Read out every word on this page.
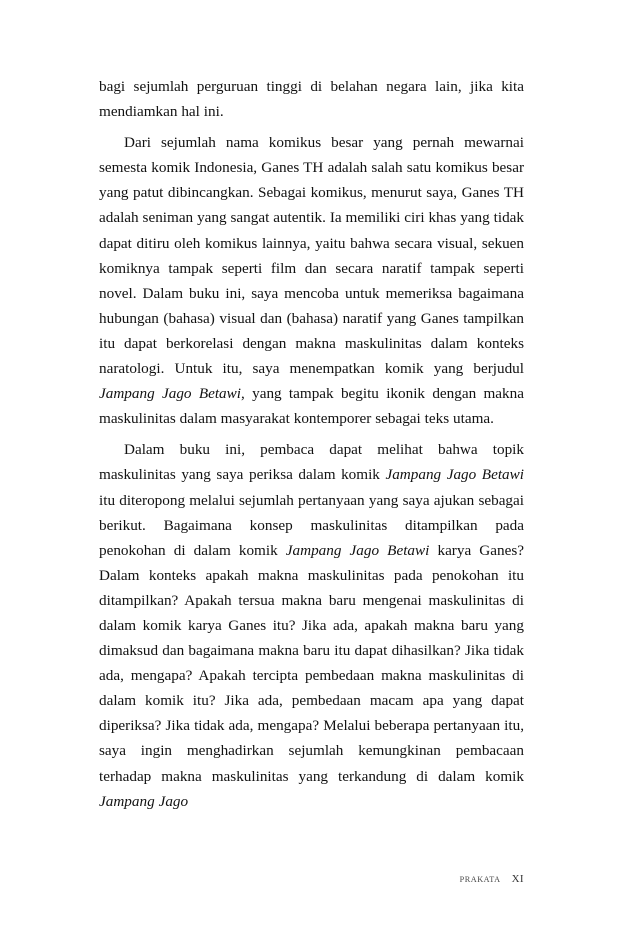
bagi sejumlah perguruan tinggi di belahan negara lain, jika kita mendiamkan hal ini.

Dari sejumlah nama komikus besar yang pernah mewarnai semesta komik Indonesia, Ganes TH adalah salah satu komikus besar yang patut dibincangkan. Sebagai komikus, menurut saya, Ganes TH adalah seniman yang sangat autentik. Ia memiliki ciri khas yang tidak dapat ditiru oleh komikus lainnya, yaitu bahwa secara visual, sekuen komiknya tampak seperti film dan secara naratif tampak seperti novel. Dalam buku ini, saya mencoba untuk memeriksa bagaimana hubungan (bahasa) visual dan (bahasa) naratif yang Ganes tampilkan itu dapat berkorelasi dengan makna maskulinitas dalam konteks naratologi. Untuk itu, saya menempatkan komik yang berjudul Jampang Jago Betawi, yang tampak begitu ikonik dengan makna maskulinitas dalam masyarakat kontemporer sebagai teks utama.

Dalam buku ini, pembaca dapat melihat bahwa topik maskulinitas yang saya periksa dalam komik Jampang Jago Betawi itu diteropong melalui sejumlah pertanyaan yang saya ajukan sebagai berikut. Bagaimana konsep maskulinitas ditampilkan pada penokohan di dalam komik Jampang Jago Betawi karya Ganes? Dalam konteks apakah makna maskulinitas pada penokohan itu ditampilkan? Apakah tersua makna baru mengenai maskulinitas di dalam komik karya Ganes itu? Jika ada, apakah makna baru yang dimaksud dan bagaimana makna baru itu dapat dihasilkan? Jika tidak ada, mengapa? Apakah tercipta pembedaan makna maskulinitas di dalam komik itu? Jika ada, pembedaan macam apa yang dapat diperiksa? Jika tidak ada, mengapa? Melalui beberapa pertanyaan itu, saya ingin menghadirkan sejumlah kemungkinan pembacaan terhadap makna maskulinitas yang terkandung di dalam komik Jampang Jago

PRAKATA XI
